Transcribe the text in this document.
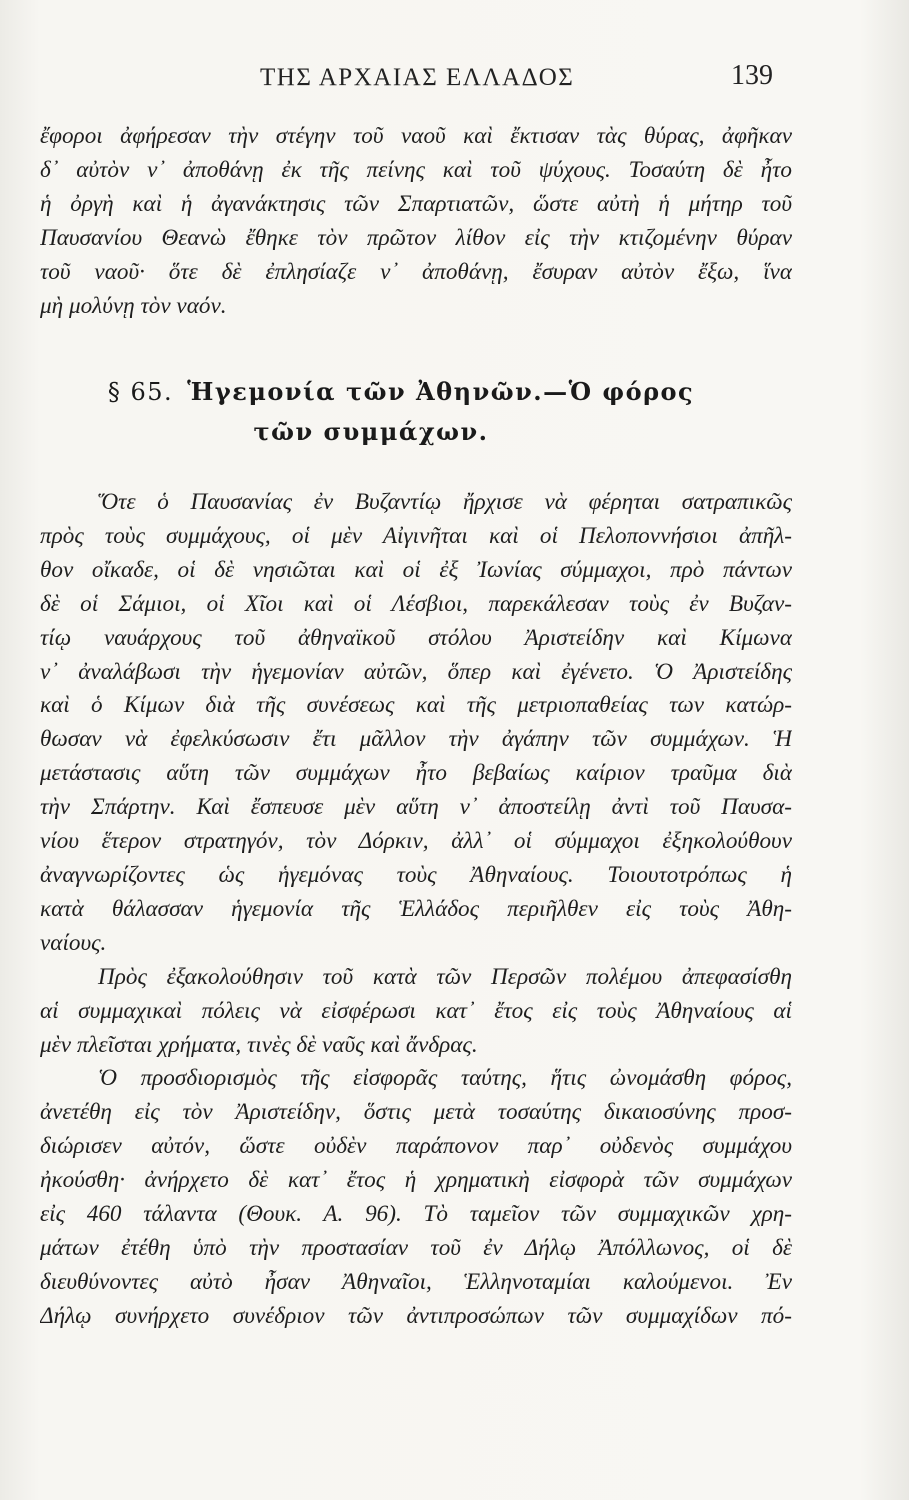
ΤΗΣ ΑΡΧΑΙΑΣ ΕΛΛΑΔΟΣ	139
ἔφοροι ἀφήρεσαν τὴν στέγην τοῦ ναοῦ καὶ ἔκτισαν τὰς θύρας, ἀφῆκαν
δ᾽ αὐτὸν ν᾽ ἀποθάνῃ ἐκ τῆς πείνης καὶ τοῦ ψύχους. Τοσαύτη δὲ ἦτο
ἡ ὀργὴ καὶ ἡ ἀγανάκτησις τῶν Σπαρτιατῶν, ὥστε αὐτὴ ἡ μήτηρ τοῦ
Παυσανίου Θεανὼ ἔθηκε τὸν πρῶτον λίθον εἰς τὴν κτιζομένην θύραν
τοῦ ναοῦ· ὅτε δὲ ἐπλησίαζε ν᾽ ἀποθάνῃ, ἔσυραν αὐτὸν ἔξω, ἵνα
μὴ μολύνῃ τὸν ναόν.
§ 65. Ἡγεμονία τῶν Ἀθηνῶν.—Ὁ φόρος
τῶν συμμάχων.
Ὅτε ὁ Παυσανίας ἐν Βυζαντίῳ ἤρχισε νὰ φέρηται σατραπικῶς
πρὸς τοὺς συμμάχους, οἱ μὲν Αἰγινῆται καὶ οἱ Πελοποννήσιοι ἀπῆλ-
θον οἴκαδε, οἱ δὲ νησιῶται καὶ οἱ ἐξ Ἰωνίας σύμμαχοι, πρὸ πάντων
δὲ οἱ Σάμιοι, οἱ Χῖοι καὶ οἱ Λέσβιοι, παρεκάλεσαν τοὺς ἐν Βυζαν-
τίῳ ναυάρχους τοῦ ἀθηναϊκοῦ στόλου Ἀριστείδην καὶ Κίμωνα
ν᾽ ἀναλάβωσι τὴν ἡγεμονίαν αὐτῶν, ὅπερ καὶ ἐγένετο. Ὁ Ἀριστείδης
καὶ ὁ Κίμων διὰ τῆς συνέσεως καὶ τῆς μετριοπαθείας των κατώρ-
θωσαν νὰ ἐφελκύσωσιν ἔτι μᾶλλον τὴν ἀγάπην τῶν συμμάχων. Ἡ
μετάστασις αὕτη τῶν συμμάχων ἦτο βεβαίως καίριον τραῦμα διὰ
τὴν Σπάρτην. Καὶ ἔσπευσε μὲν αὕτη ν᾽ ἀποστείλῃ ἀντὶ τοῦ Παυσα-
νίου ἕτερον στρατηγόν, τὸν Δόρκιν, ἀλλ᾽ οἱ σύμμαχοι ἐξηκολούθουν
ἀναγνωρίζοντες ὡς ἡγεμόνας τοὺς Ἀθηναίους. Τοιουτοτρόπως ἡ
κατὰ θάλασσαν ἡγεμονία τῆς Ἑλλάδος περιῆλθεν εἰς τοὺς Ἀθη-
ναίους.
Πρὸς ἐξακολούθησιν τοῦ κατὰ τῶν Περσῶν πολέμου ἀπεφασίσθη
αἱ συμμαχικαὶ πόλεις νὰ εἰσφέρωσι κατ᾽ ἔτος εἰς τοὺς Ἀθηναίους αἱ
μὲν πλεῖσται χρήματα, τινὲς δὲ ναῦς καὶ ἄνδρας.
Ὁ προσδιορισμὸς τῆς εἰσφορᾶς ταύτης, ἥτις ὠνομάσθη φόρος,
ἀνετέθη εἰς τὸν Ἀριστείδην, ὅστις μετὰ τοσαύτης δικαιοσύνης προσ-
διώρισεν αὐτόν, ὥστε οὐδὲν παράπονον παρ᾽ οὐδενὸς συμμάχου
ἠκούσθη· ἀνήρχετο δὲ κατ᾽ ἔτος ἡ χρηματικὴ εἰσφορὰ τῶν συμμάχων
εἰς 460 τάλαντα (Θουκ. Α. 96). Τὸ ταμεῖον τῶν συμμαχικῶν χρη-
μάτων ἐτέθη ὑπὸ τὴν προστασίαν τοῦ ἐν Δήλῳ Ἀπόλλωνος, οἱ δὲ
διευθύνοντες αὐτὸ ἦσαν Ἀθηναῖοι, Ἑλληνοταμίαι καλούμενοι. Ἐν
Δήλῳ συνήρχετο συνέδριον τῶν ἀντιπροσώπων τῶν συμμαχίδων πό-
